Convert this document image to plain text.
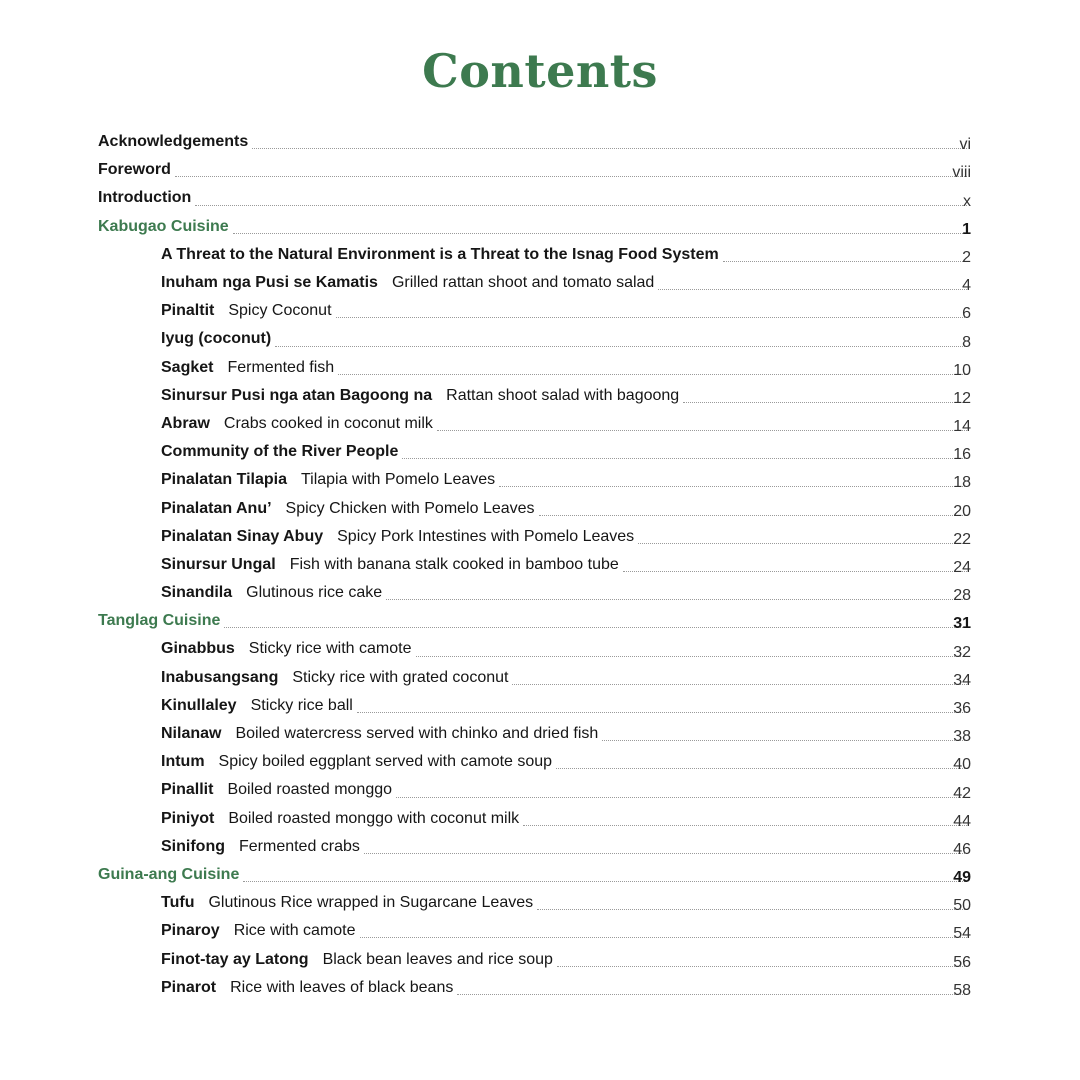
Contents
Acknowledgements	vi
Foreword	viii
Introduction	x
Kabugao Cuisine	1
A Threat to the Natural Environment is a Threat to the Isnag Food System	2
Inuham nga Pusi se Kamatis Grilled rattan shoot and tomato salad	4
Pinaltit Spicy Coconut	6
Iyug (coconut)	8
Sagket Fermented fish	10
Sinursur Pusi nga atan Bagoong na Rattan shoot salad with bagoong	12
Abraw Crabs cooked in coconut milk	14
Community of the River People	16
Pinalatan Tilapia Tilapia with Pomelo Leaves	18
Pinalatan Anu’ Spicy Chicken with Pomelo Leaves	20
Pinalatan Sinay Abuy Spicy Pork Intestines with Pomelo Leaves	22
Sinursur Ungal Fish with banana stalk cooked in bamboo tube	24
Sinandila Glutinous rice cake	28
Tanglag Cuisine	31
Ginabbus Sticky rice with camote	32
Inabusangsang Sticky rice with grated coconut	34
Kinullaley Sticky rice ball	36
Nilanaw Boiled watercress served with chinko and dried fish	38
Intum Spicy boiled eggplant served with camote soup	40
Pinallit Boiled roasted monggo	42
Piniyot Boiled roasted monggo with coconut milk	44
Sinifong Fermented crabs	46
Guina-ang Cuisine	49
Tufu Glutinous Rice wrapped in Sugarcane Leaves	50
Pinaroy Rice with camote	54
Finot-tay ay Latong Black bean leaves and rice soup	56
Pinarot Rice with leaves of black beans	58
